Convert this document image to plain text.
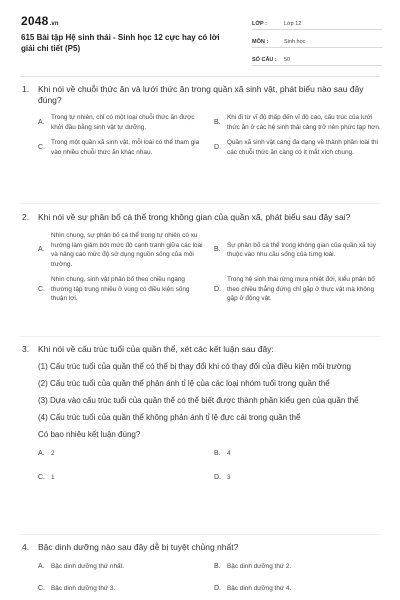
2048.vn
615 Bài tập Hệ sinh thái - Sinh học 12 cực hay có lời giải chi tiết (P5)
LỚP :	Lớp 12
MÔN :	Sinh học
SỐ CÂU :	50
1.	Khi nói về chuỗi thức ăn và lưới thức ăn trong quần xã sinh vật, phát biểu nào sau đây đúng?
A.
Trong tự nhiên, chỉ có một loại chuỗi thức ăn được khởi đầu bằng sinh vật tự dưỡng.
B.
Khi đi từ vĩ độ thấp đến vĩ độ cao, cấu trúc của lưới thức ăn ở các hệ sinh thái càng trở nên phức tạp hơn.
C.
Trong một quần xã sinh vật, mỗi loài có thể tham gia vào nhiều chuỗi thức ăn khác nhau.
D.
Quần xã sinh vật càng đa dạng về thành phần loài thì các chuỗi thức ăn càng có ít mắt xích chung.
2.	Khi nói về sự phân bố cá thể trong không gian của quần xã, phát biểu sau đây sai?
A.
Nhìn chung, sự phân bố cá thể trong tự nhiên có xu hướng làm giảm bớt mức độ cạnh tranh giữa các loài và nâng cao mức độ sử dụng nguồn sống của môi trường.
B.
Sự phân bố cá thể trong không gian của quần xã tùy thuộc vào nhu cầu sống của từng loài.
C.
Nhìn chung, sinh vật phân bố theo chiều ngang thường tập trung nhiều ở vùng có điều kiện sống thuận lợi.
D.
Trong hệ sinh thái rừng mưa nhiệt đới, kiểu phân bố theo chiều thẳng đứng chỉ gặp ở thực vật mà không gặp ở động vật.
3.	Khi nói về cấu trúc tuổi của quần thể, xét các kết luận sau đây:
(1) Cấu trúc tuổi của quần thể có thể bị thay đổi khi có thay đổi của điều kiện môi trường
(2) Cấu trúc tuổi của quần thể phản ánh tỉ lệ của các loại nhóm tuổi trong quần thể
(3) Dựa vào cấu trúc tuổi của quần thể có thể biết được thành phần kiểu gen của quần thể
(4) Cấu trúc tuổi của quần thể không phản ánh tỉ lệ đực cái trong quần thể
Có bao nhiêu kết luận đúng?
A. 2	B. 4
C. 1	D. 3
4.	Bậc dinh dưỡng nào sau đây dễ bị tuyệt chủng nhất?
A. Bậc dinh dưỡng thứ nhất.	B. Bậc dinh dưỡng thứ 2.
C. Bậc dinh dưỡng thứ 3.	D. Bậc dinh dưỡng thứ 4.
